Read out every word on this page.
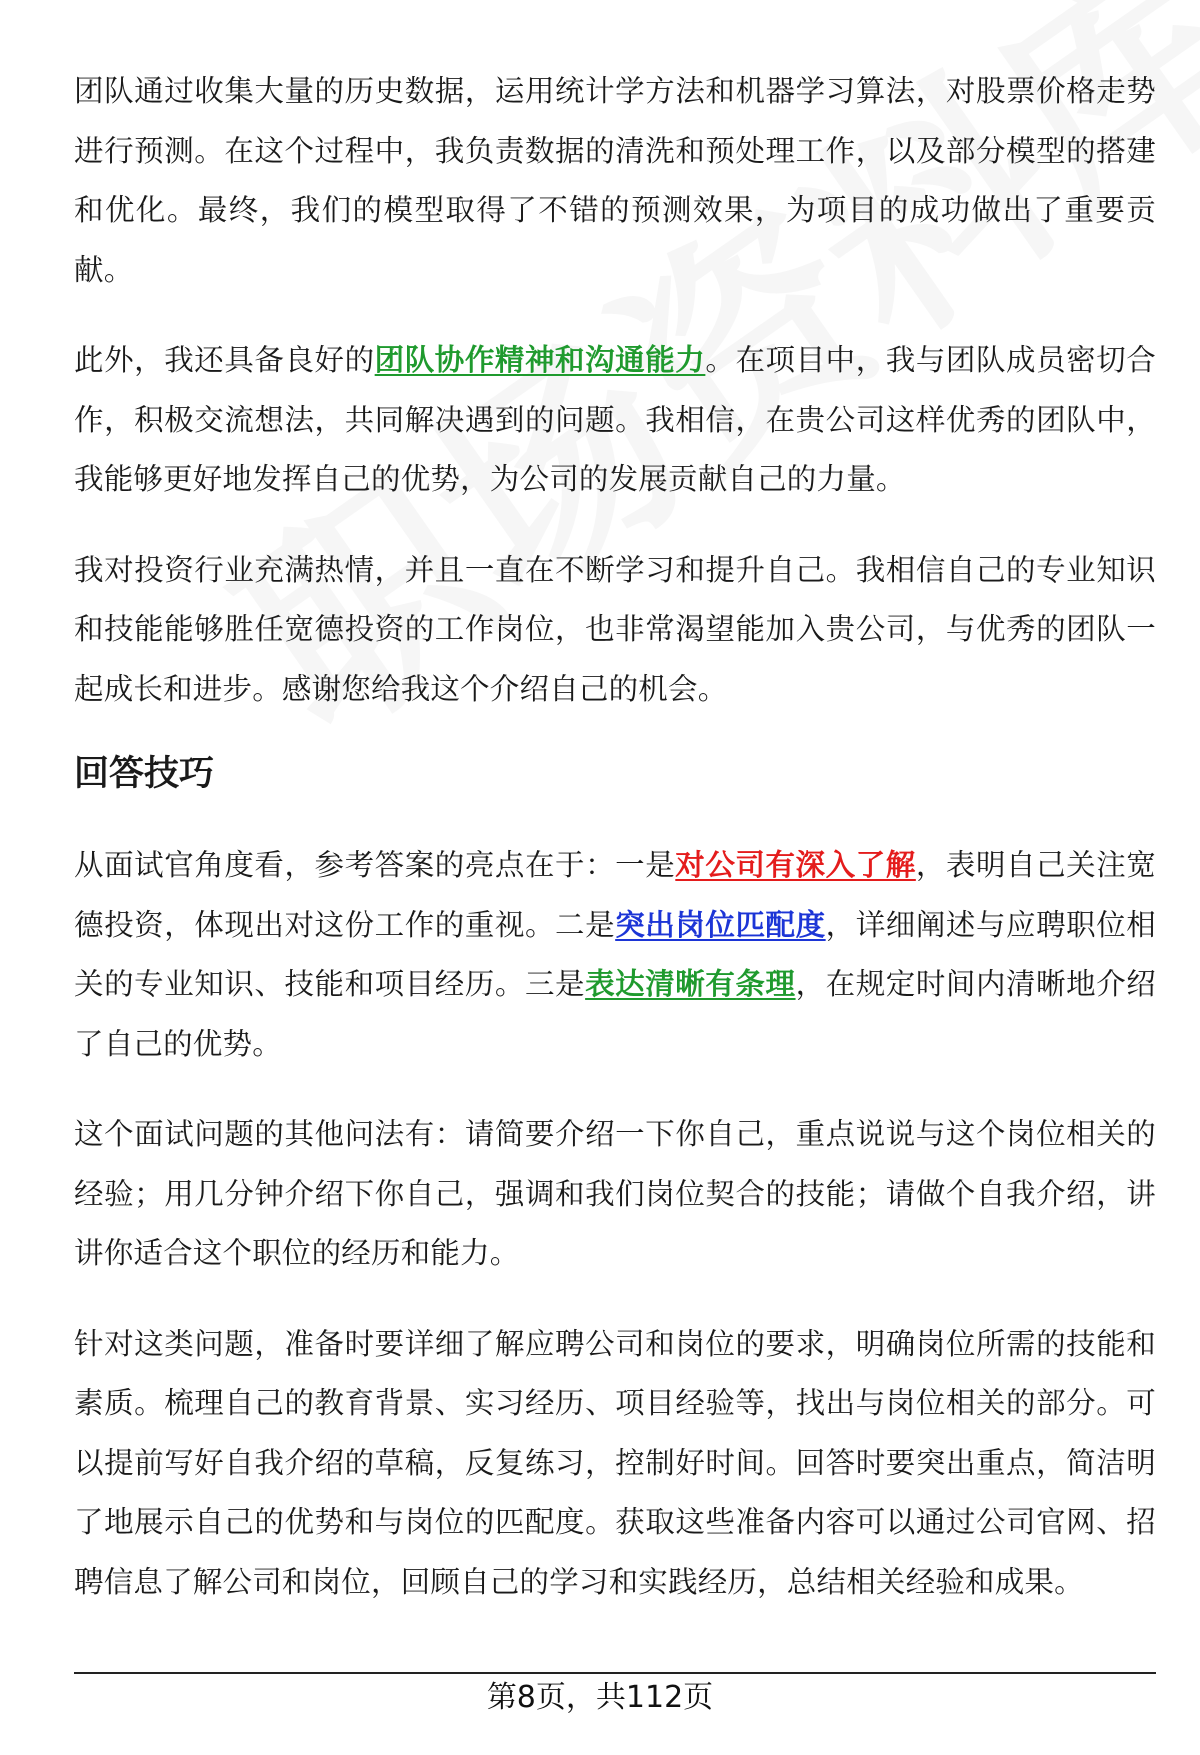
团队通过收集大量的历史数据，运用统计学方法和机器学习算法，对股票价格走势进行预测。在这个过程中，我负责数据的清洗和预处理工作，以及部分模型的搭建和优化。最终，我们的模型取得了不错的预测效果，为项目的成功做出了重要贡献。

此外，我还具备良好的团队协作精神和沟通能力。在项目中，我与团队成员密切合作，积极交流想法，共同解决遇到的问题。我相信，在贵公司这样优秀的团队中，我能够更好地发挥自己的优势，为公司的发展贡献自己的力量。

我对投资行业充满热情，并且一直在不断学习和提升自己。我相信自己的专业知识和技能能够胜任宽德投资的工作岗位，也非常渴望能加入贵公司，与优秀的团队一起成长和进步。感谢您给我这个介绍自己的机会。

回答技巧

从面试官角度看，参考答案的亮点在于：一是对公司有深入了解，表明自己关注宽德投资，体现出对这份工作的重视。二是突出岗位匹配度，详细阐述与应聘职位相关的专业知识、技能和项目经历。三是表达清晰有条理，在规定时间内清晰地介绍了自己的优势。

这个面试问题的其他问法有：请简要介绍一下你自己，重点说说与这个岗位相关的经验；用几分钟介绍下你自己，强调和我们岗位契合的技能；请做个自我介绍，讲讲你适合这个职位的经历和能力。

针对这类问题，准备时要详细了解应聘公司和岗位的要求，明确岗位所需的技能和素质。梳理自己的教育背景、实习经历、项目经验等，找出与岗位相关的部分。可以提前写好自我介绍的草稿，反复练习，控制好时间。回答时要突出重点，简洁明了地展示自己的优势和与岗位的匹配度。获取这些准备内容可以通过公司官网、招聘信息了解公司和岗位，回顾自己的学习和实践经历，总结相关经验和成果。

第8页，共112页
